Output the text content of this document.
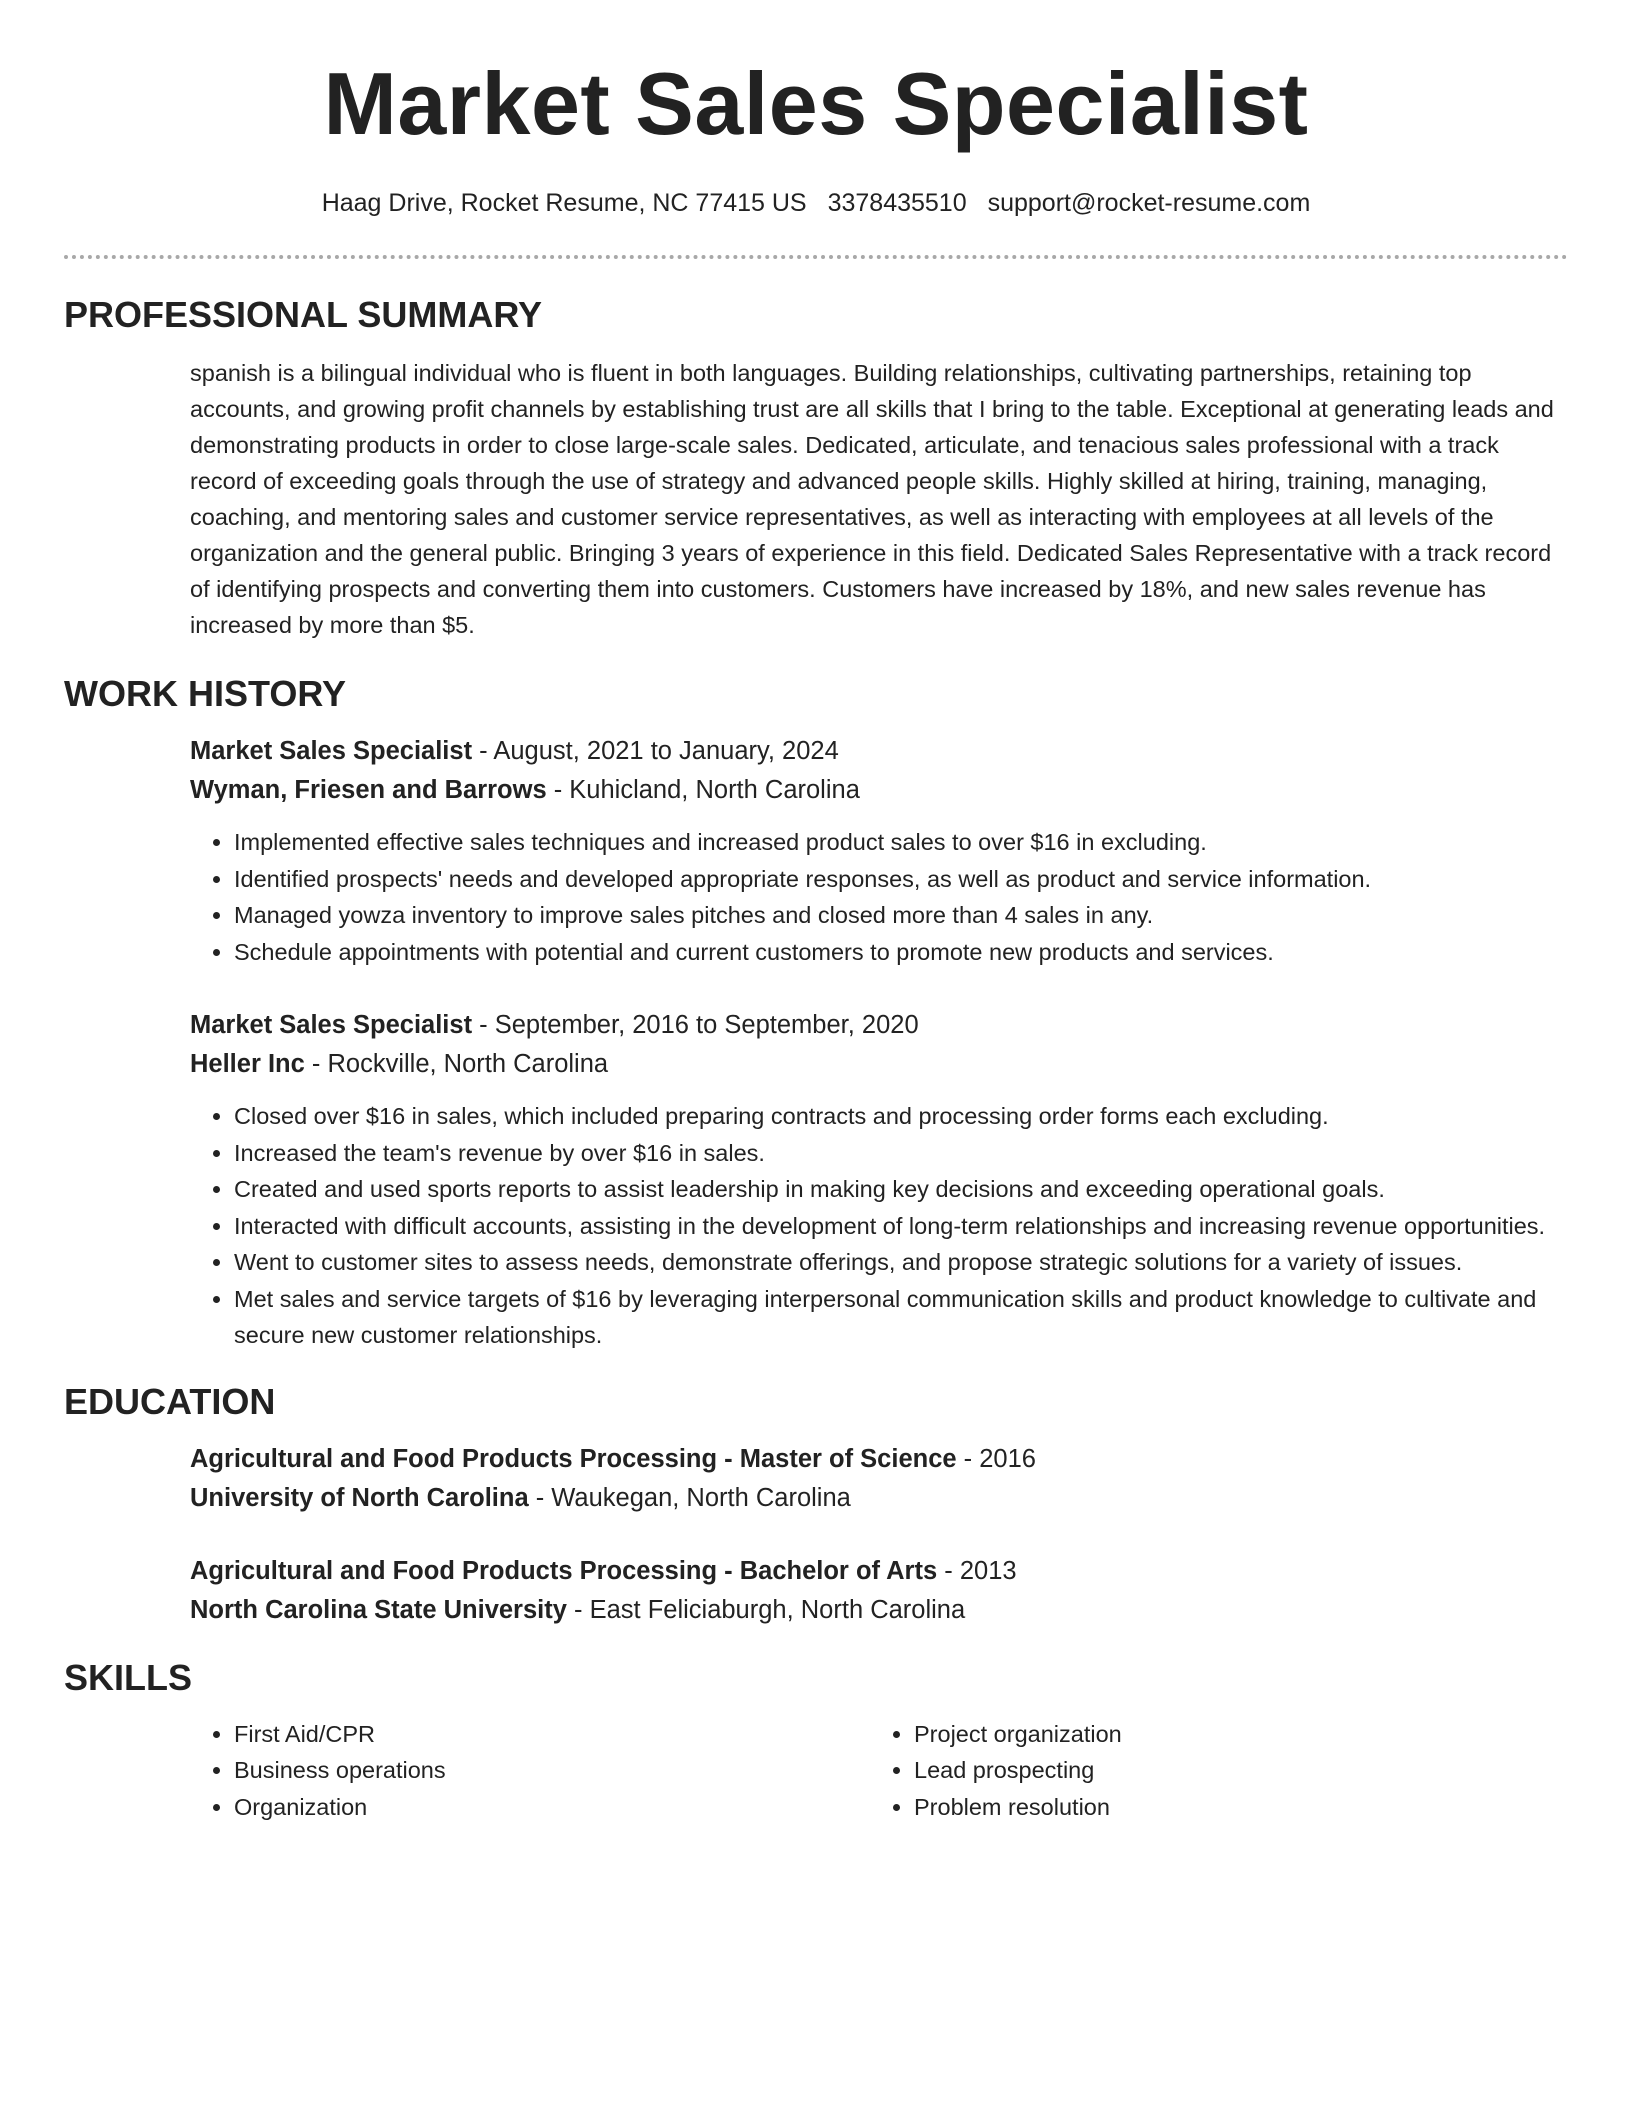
Market Sales Specialist
Haag Drive, Rocket Resume, NC 77415 US 3378435510 support@rocket-resume.com
PROFESSIONAL SUMMARY

spanish is a bilingual individual who is fluent in both languages. Building relationships, cultivating partnerships, retaining top accounts, and growing profit channels by establishing trust are all skills that I bring to the table. Exceptional at generating leads and demonstrating products in order to close large-scale sales. Dedicated, articulate, and tenacious sales professional with a track record of exceeding goals through the use of strategy and advanced people skills. Highly skilled at hiring, training, managing, coaching, and mentoring sales and customer service representatives, as well as interacting with employees at all levels of the organization and the general public. Bringing 3 years of experience in this field. Dedicated Sales Representative with a track record of identifying prospects and converting them into customers. Customers have increased by 18%, and new sales revenue has increased by more than $5.

WORK HISTORY
Market Sales Specialist - August, 2021 to January, 2024
Wyman, Friesen and Barrows - Kuhicland, North Carolina
• Implemented effective sales techniques and increased product sales to over $16 in excluding.
• Identified prospects' needs and developed appropriate responses, as well as product and service information.
• Managed yowza inventory to improve sales pitches and closed more than 4 sales in any.
• Schedule appointments with potential and current customers to promote new products and services.
Market Sales Specialist - September, 2016 to September, 2020
Heller Inc - Rockville, North Carolina
• Closed over $16 in sales, which included preparing contracts and processing order forms each excluding.
• Increased the team's revenue by over $16 in sales.
• Created and used sports reports to assist leadership in making key decisions and exceeding operational goals.
• Interacted with difficult accounts, assisting in the development of long-term relationships and increasing revenue opportunities.
• Went to customer sites to assess needs, demonstrate offerings, and propose strategic solutions for a variety of issues.
• Met sales and service targets of $16 by leveraging interpersonal communication skills and product knowledge to cultivate and secure new customer relationships.
EDUCATION
Agricultural and Food Products Processing - Master of Science - 2016
University of North Carolina - Waukegan, North Carolina
Agricultural and Food Products Processing - Bachelor of Arts - 2013
North Carolina State University - East Feliciaburgh, North Carolina
SKILLS
• First Aid/CPR
• Business operations
• Organization
• Project organization
• Lead prospecting
• Problem resolution
